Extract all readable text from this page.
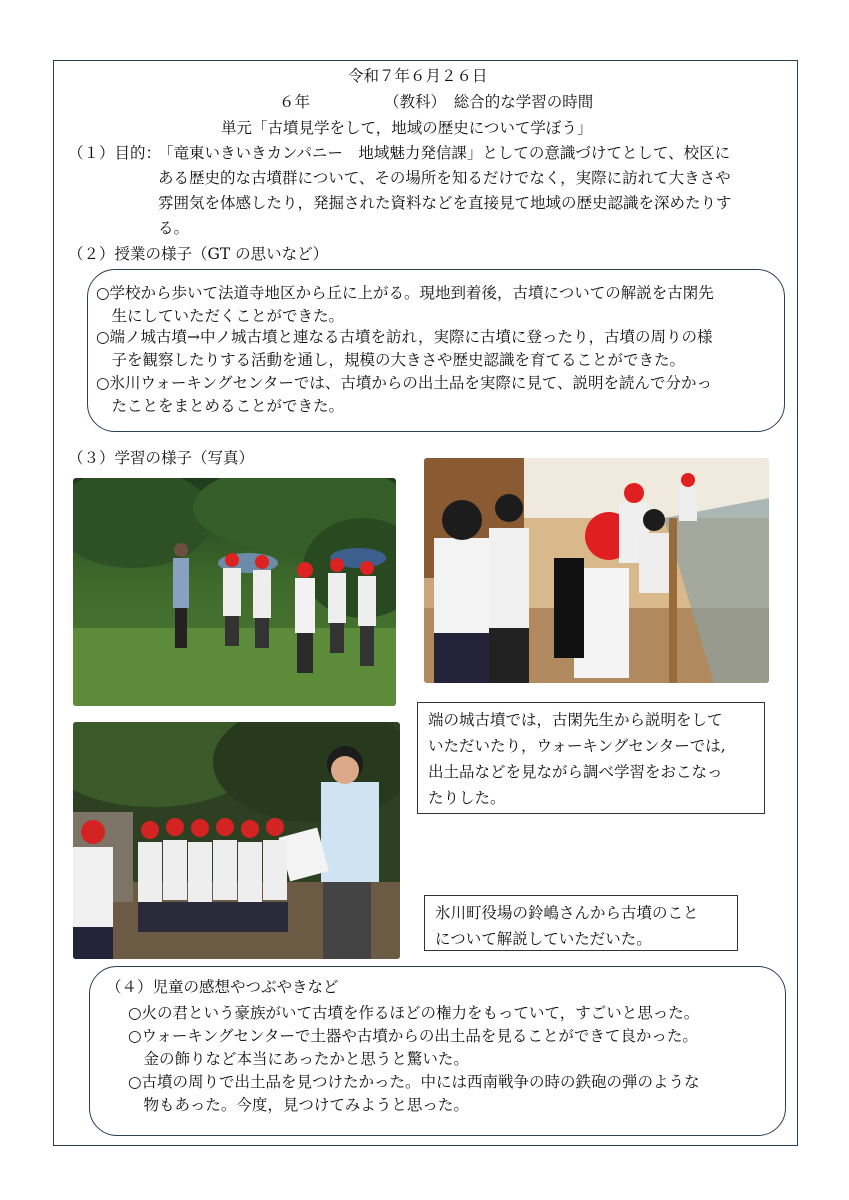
令和７年６月２６日
６年	（教科）　総合的な学習の時間
単元「古墳見学をして，地域の歴史について学ぼう」
（１）目的：
「竜東いきいきカンパニー　地域魅力発信課」としての意識づけてとして、校区に
ある歴史的な古墳群について、その場所を知るだけでなく，実際に訪れて大きさや
雰囲気を体感したり，発掘された資料などを直接見て地域の歴史認識を深めたりす
る。
（２）授業の様子（GT の思いなど）
○学校から歩いて法道寺地区から丘に上がる。現地到着後，古墳についての解説を古閑先
　生にしていただくことができた。
○端ノ城古墳→中ノ城古墳と連なる古墳を訪れ，実際に古墳に登ったり，古墳の周りの様
　子を観察したりする活動を通し，規模の大きさや歴史認識を育てることができた。
○氷川ウォーキングセンターでは、古墳からの出土品を実際に見て、説明を読んで分かっ
　たことをまとめることができた。
（３）学習の様子（写真）
端の城古墳では，古閑先生から説明をして
いただいたり，ウォーキングセンターでは,
出土品などを見ながら調べ学習をおこなっ
たりした。
氷川町役場の鈴嶋さんから古墳のこと
について解説していただいた。
（４）児童の感想やつぶやきなど
○火の君という豪族がいて古墳を作るほどの権力をもっていて，すごいと思った。
○ウォーキングセンターで土器や古墳からの出土品を見ることができて良かった。
　金の飾りなど本当にあったかと思うと驚いた。
○古墳の周りで出土品を見つけたかった。中には西南戦争の時の鉄砲の弾のような
　物もあった。今度，見つけてみようと思った。
